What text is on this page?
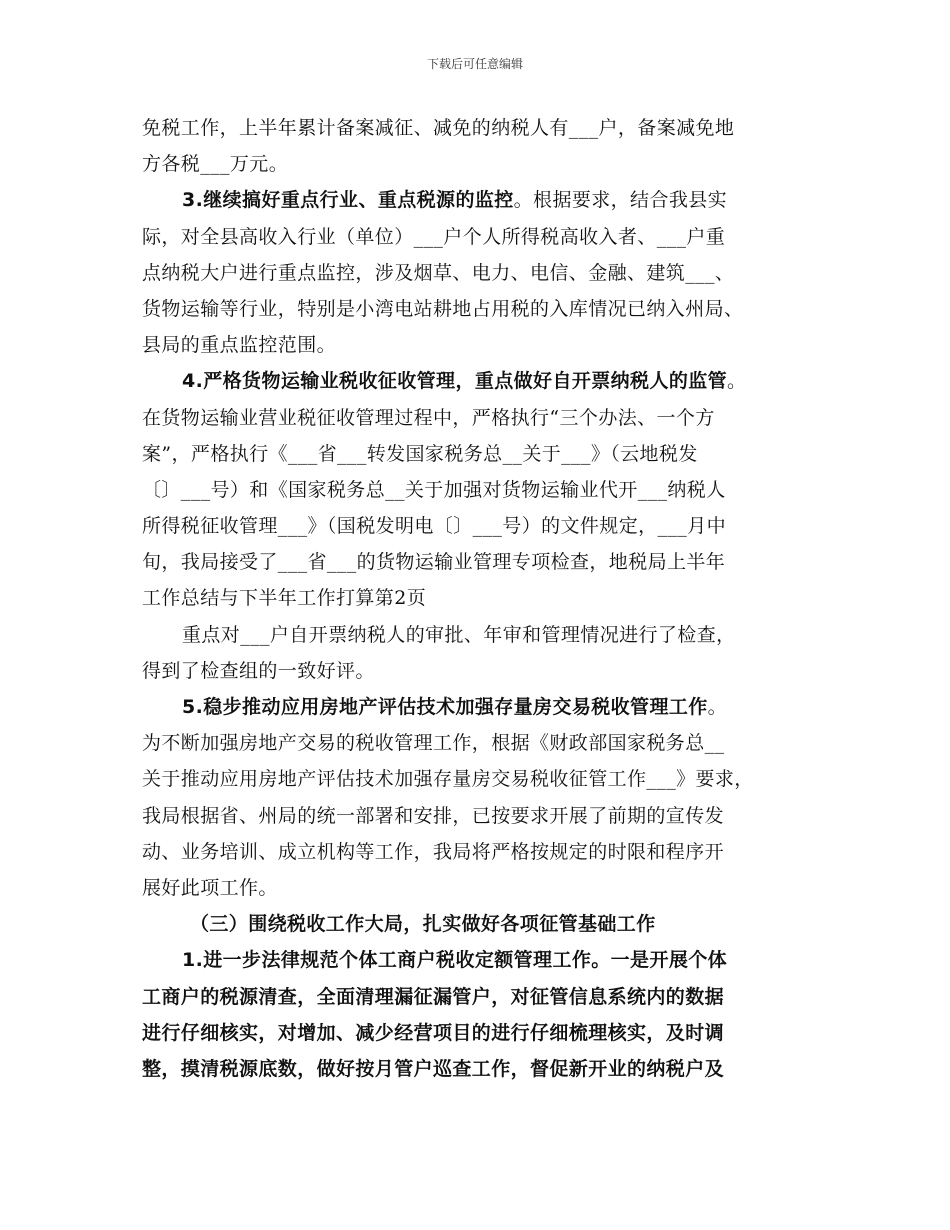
下载后可任意编辑
免税工作，上半年累计备案减征、减免的纳税人有___户，备案减免地
方各税___万元。
3.继续搞好重点行业、重点税源的监控。根据要求，结合我县实
际，对全县高收入行业（单位）___户个人所得税高收入者、___户重
点纳税大户进行重点监控，涉及烟草、电力、电信、金融、建筑___、
货物运输等行业，特别是小湾电站耕地占用税的入库情况已纳入州局、
县局的重点监控范围。
4.严格货物运输业税收征收管理，重点做好自开票纳税人的监管。
在货物运输业营业税征收管理过程中，严格执行“三个办法、一个方
案”，严格执行《___省___转发国家税务总__关于___》（云地税发
〔〕___号）和《国家税务总__关于加强对货物运输业代开___纳税人
所得税征收管理___》（国税发明电〔〕___号）的文件规定，___月中
旬，我局接受了___省___的货物运输业管理专项检查，地税局上半年
工作总结与下半年工作打算第2页
重点对___户自开票纳税人的审批、年审和管理情况进行了检查，
得到了检查组的一致好评。
5.稳步推动应用房地产评估技术加强存量房交易税收管理工作。
为不断加强房地产交易的税收管理工作，根据《财政部国家税务总__
关于推动应用房地产评估技术加强存量房交易税收征管工作___》要求，
我局根据省、州局的统一部署和安排，已按要求开展了前期的宣传发
动、业务培训、成立机构等工作，我局将严格按规定的时限和程序开
展好此项工作。
（三）围绕税收工作大局，扎实做好各项征管基础工作
1.进一步法律规范个体工商户税收定额管理工作。一是开展个体
工商户的税源清查，全面清理漏征漏管户，对征管信息系统内的数据
进行仔细核实，对增加、减少经营项目的进行仔细梳理核实，及时调
整，摸清税源底数，做好按月管户巡查工作，督促新开业的纳税户及
